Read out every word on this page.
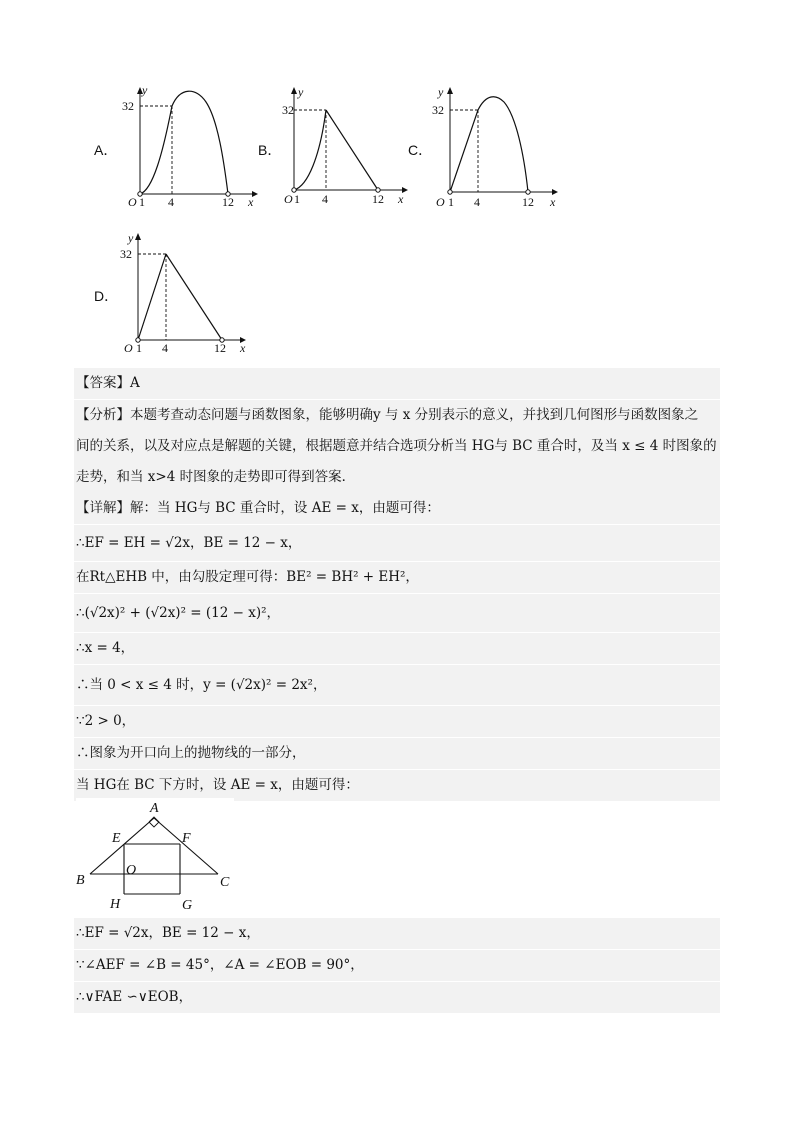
A．	B．	C．
D．
y
32
O 1 4	12 x
y
32
O 1 4	12 x
y
32
O 1 4	12 x
y
32
O 1 4	12 x
【答案】A
【分析】本题考查动态问题与函数图象，能够明确y 与 x 分别表示的意义，并找到几何图形与函数图象之
间的关系，以及对应点是解题的关键，根据题意并结合选项分析当 HG与 BC 重合时，及当 x ≤ 4 时图象的
走势，和当 x>4 时图象的走势即可得到答案．
【详解】解：当 HG与 BC 重合时，设 AE = x，由题可得：
∴EF = EH = √2x，BE = 12 − x，
在Rt△EHB 中，由勾股定理可得：BE² = BH² + EH²，
∴(√2x)² + (√2x)² = (12 − x)²，
∴x = 4，
∴当 0 < x ≤ 4 时，y = (√2x)² = 2x²，
∵2 > 0，
∴图象为开口向上的抛物线的一部分，
当 HG在 BC 下方时，设 AE = x，由题可得：
A
E	F
O
B	C
H	G
∴EF = √2x，BE = 12 − x，
∵∠AEF = ∠B = 45°，∠A = ∠EOB = 90°，
∴∨FAE ∽∨EOB，
